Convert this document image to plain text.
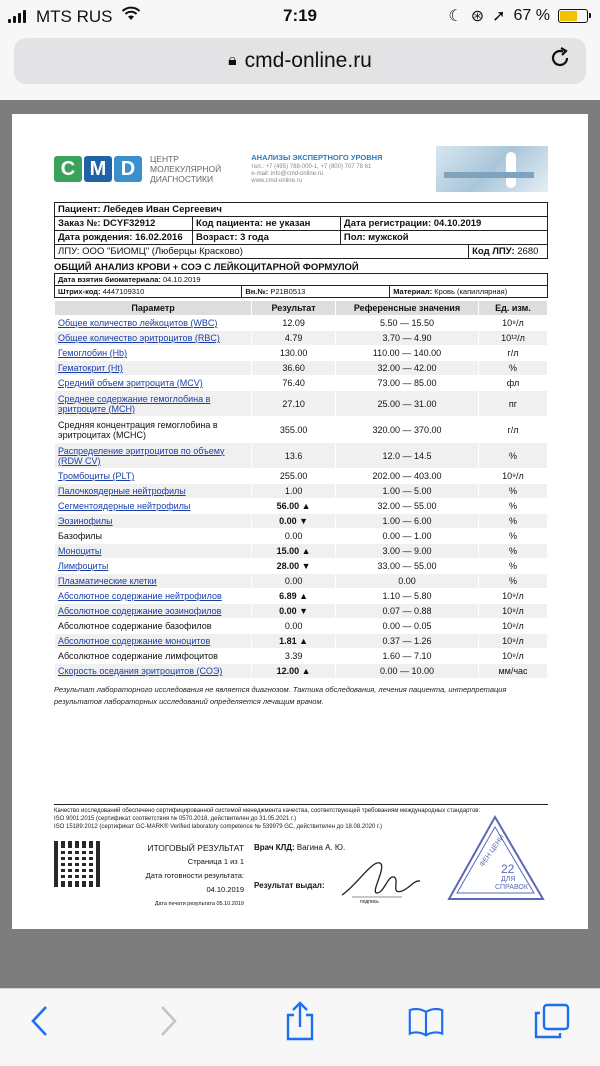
MTS RUS	7:19	☾ ⊛ ➚ 67 %
🔒︎ cmd-online.ru
C M D	ЦЕНТР
МОЛЕКУЛЯРНОЙ
ДИАГНОСТИКИ
АНАЛИЗЫ ЭКСПЕРТНОГО УРОВНЯ
тел.: +7 (495) 788-000-1, +7 (800) 707 78 61
e-mail: info@cmd-online.ru
www.cmd-online.ru
Пациент: Лебедев Иван Сергеевич			
Заказ №: DCYF32912	Код пациента: не указан	Дата регистрации: 04.10.2019	
Дата рождения: 16.02.2016	Возраст: 3 года	Пол: мужской	
ЛПУ: ООО "БИОМЦ" (Люберцы Красково)			Код ЛПУ: 2680
ОБЩИЙ АНАЛИЗ КРОВИ + СОЭ С ЛЕЙКОЦИТАРНОЙ ФОРМУЛОЙ
Дата взятия биоматериала: 04.10.2019
Штрих-код: 4447109310	Вн.№: P21B0513	Материал: Кровь (капиллярная)
Параметр	Результат	Референсные значения	Ед. изм.
Общее количество лейкоцитов (WBC)	12.09	5.50 — 15.50	10⁹/л
Общее количество эритроцитов (RBC)	4.79	3.70 — 4.90	10¹²/л
Гемоглобин (Hb)	130.00	110.00 — 140.00	г/л
Гематокрит (Ht)	36.60	32.00 — 42.00	%
Средний объем эритроцита (MCV)	76.40	73.00 — 85.00	фл
Среднее содержание гемоглобина в эритроците (MCH)	27.10	25.00 — 31.00	пг
Средняя концентрация гемоглобина в эритроцитах (MCHC)	355.00	320.00 — 370.00	г/л
Распределение эритроцитов по объему (RDW CV)	13.6	12.0 — 14.5	%
Тромбоциты (PLT)	255.00	202.00 — 403.00	10⁹/л
Палочкоядерные нейтрофилы	1.00	1.00 — 5.00	%
Сегментоядерные нейтрофилы	56.00 ▲	32.00 — 55.00	%
Эозинофилы	0.00 ▼	1.00 — 6.00	%
Базофилы	0.00	0.00 — 1.00	%
Моноциты	15.00 ▲	3.00 — 9.00	%
Лимфоциты	28.00 ▼	33.00 — 55.00	%
Плазматические клетки	0.00	0.00	%
Абсолютное содержание нейтрофилов	6.89 ▲	1.10 — 5.80	10⁹/л
Абсолютное содержание эозинофилов	0.00 ▼	0.07 — 0.88	10⁹/л
Абсолютное содержание базофилов	0.00	0.00 — 0.05	10⁹/л
Абсолютное содержание моноцитов	1.81 ▲	0.37 — 1.26	10⁹/л
Абсолютное содержание лимфоцитов	3.39	1.60 — 7.10	10⁹/л
Скорость оседания эритроцитов (СОЭ)	12.00 ▲	0.00 — 10.00	мм/час
Результат лабораторного исследования не является диагнозом. Тактика обследования, лечения пациента, интерпретация результатов лабораторных исследований определяется лечащим врачом.
Качество исследований обеспечено сертифицированной системой менеджмента качества, соответствующей требованиям международных стандартов:
ISO 9001:2015 (сертификат соответствия № 0570.2018, действителен до 31.05.2021 г.)
ISO 15189:2012 (сертификат GC-MARK® Verified laboratory competence № 539979 GC, действителен до 18.08.2020 г.)
ИТОГОВЫЙ РЕЗУЛЬТАТ
Страница 1 из 1
Дата готовности результата: 04.10.2019
Дата печати результата 05.10.2019
Врач КЛД: Вагина А. Ю.
Результат выдал:
подпись
ФЕН ЦЕНИ
22
ДЛЯ
СПРАВОК
